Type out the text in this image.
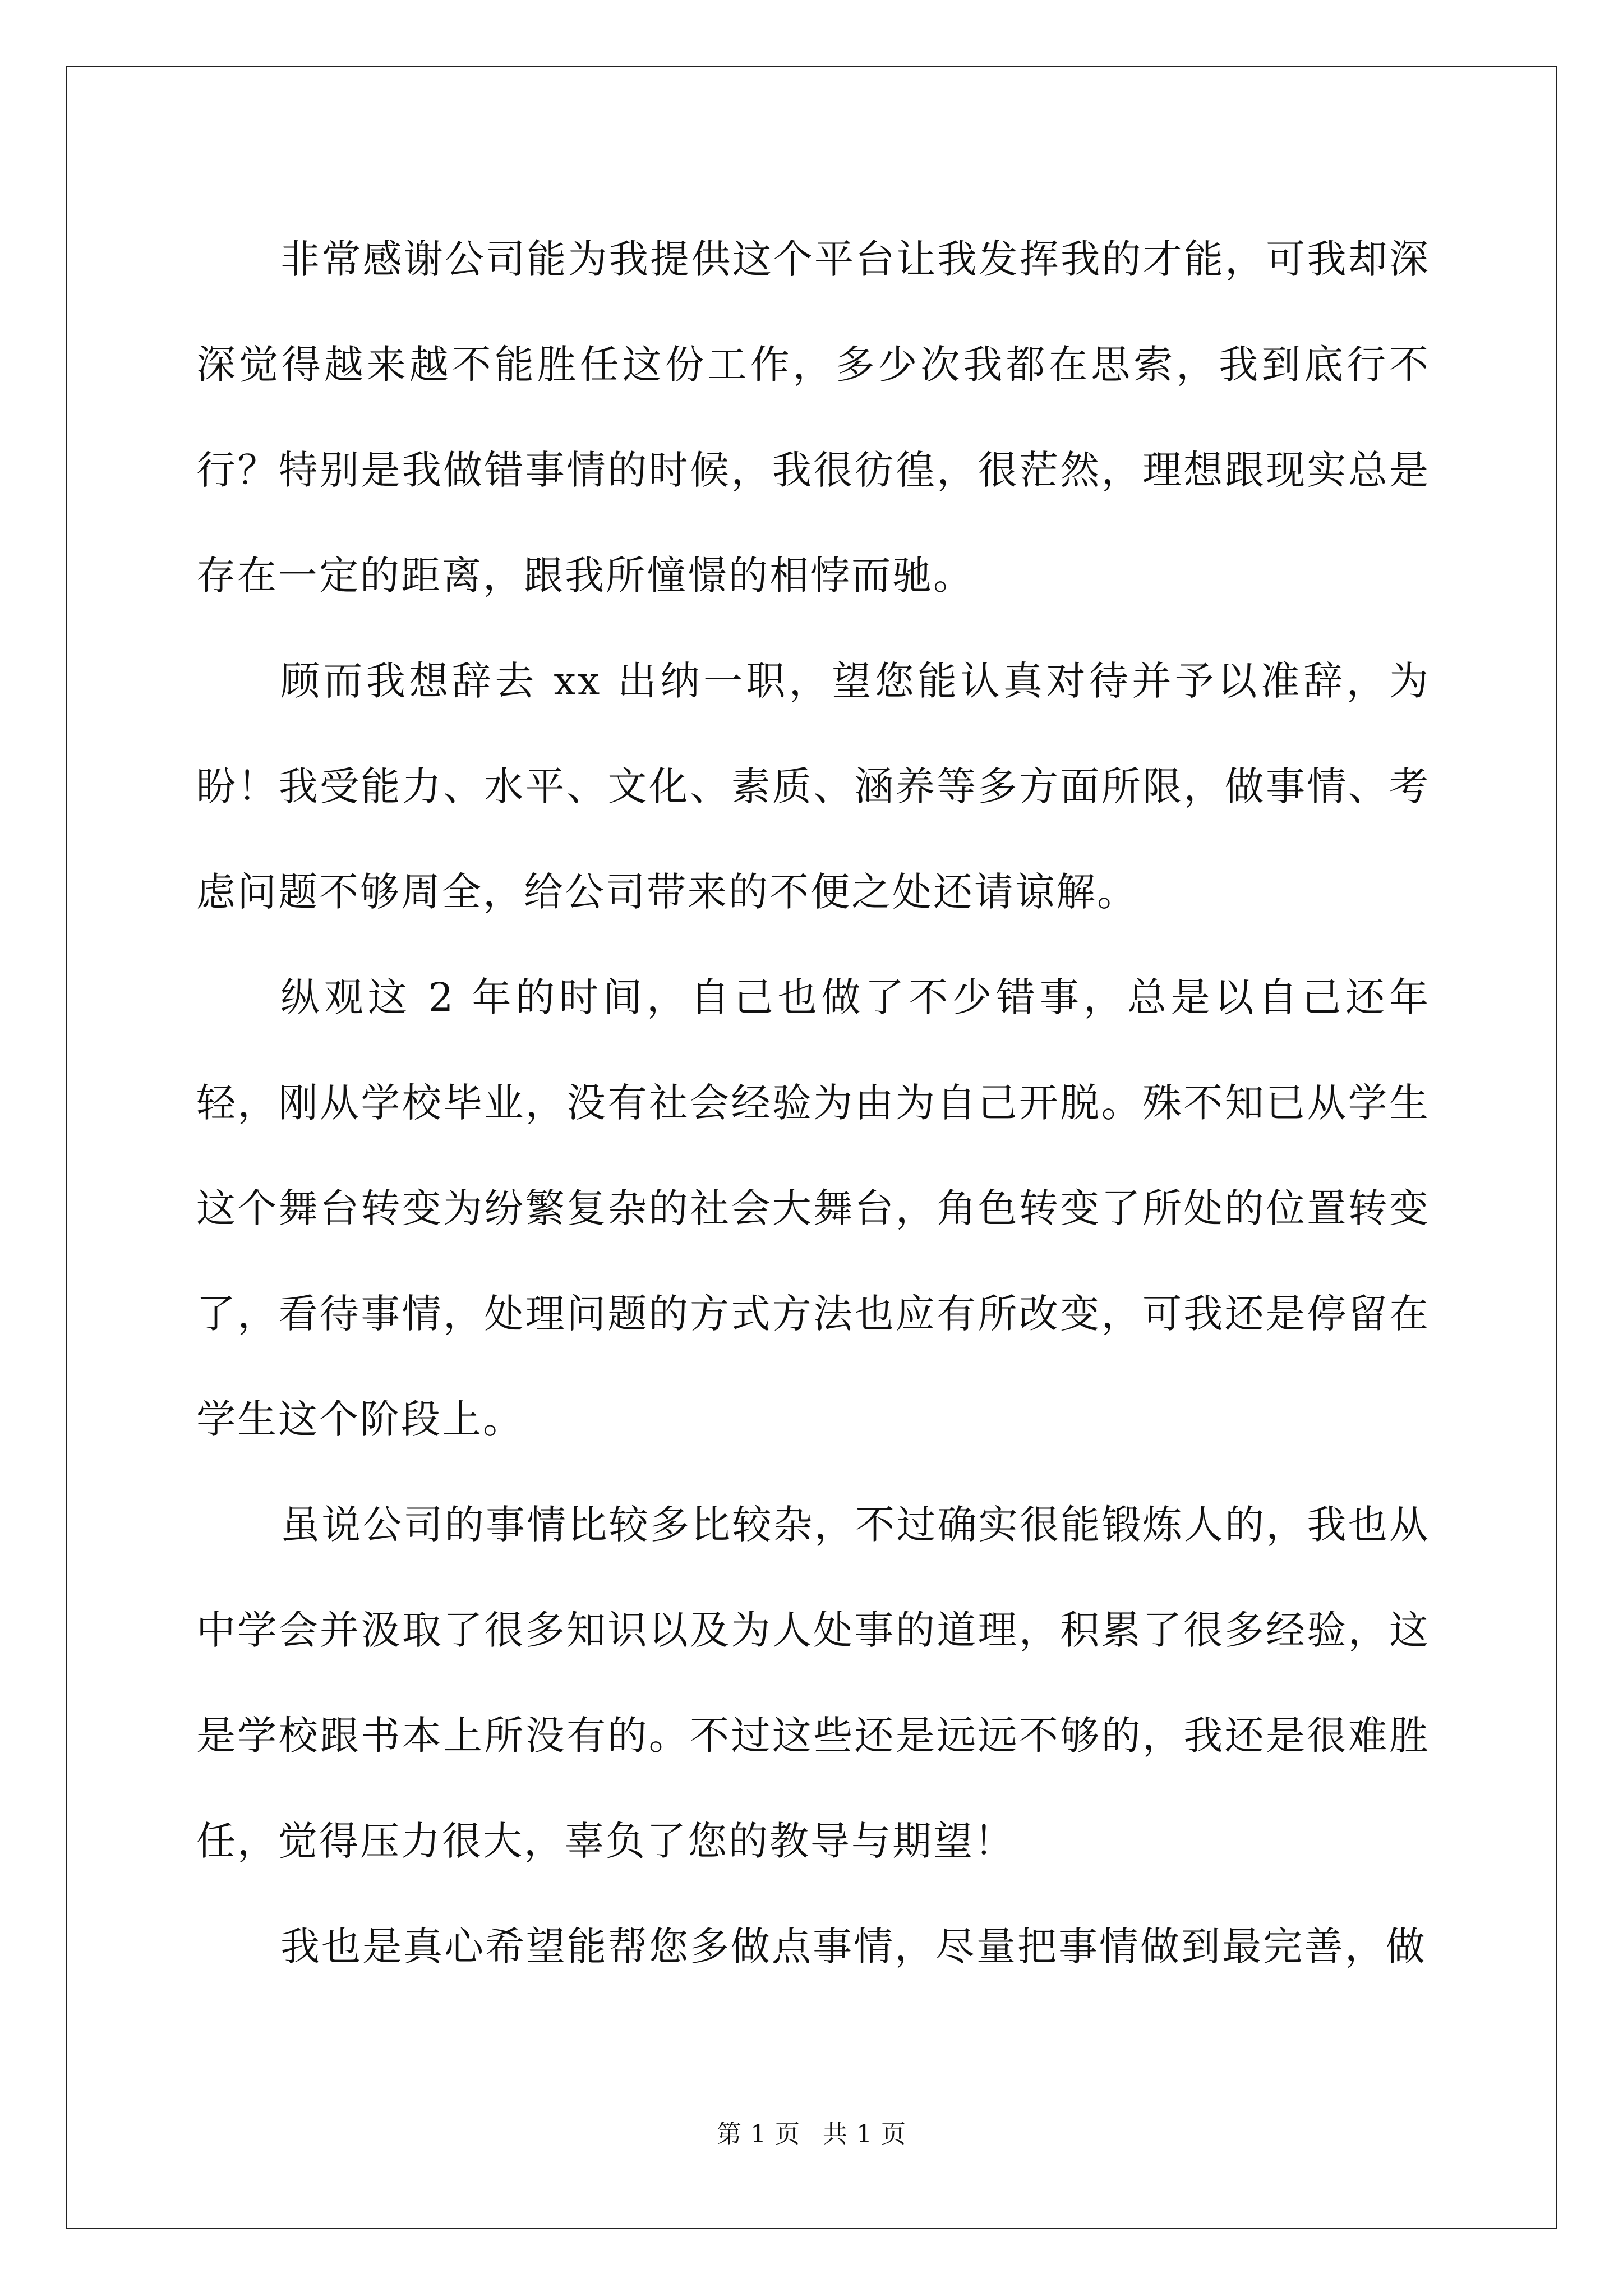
非常感谢公司能为我提供这个平台让我发挥我的才能，可我却深深觉得越来越不能胜任这份工作，多少次我都在思索，我到底行不行？特别是我做错事情的时候，我很彷徨，很茫然，理想跟现实总是存在一定的距离，跟我所憧憬的相悖而驰。

顾而我想辞去 xx 出纳一职，望您能认真对待并予以准辞，为盼！我受能力、水平、文化、素质、涵养等多方面所限，做事情、考虑问题不够周全，给公司带来的不便之处还请谅解。

纵观这 2 年的时间，自己也做了不少错事，总是以自己还年轻，刚从学校毕业，没有社会经验为由为自己开脱。殊不知已从学生这个舞台转变为纷繁复杂的社会大舞台，角色转变了所处的位置转变了，看待事情，处理问题的方式方法也应有所改变，可我还是停留在学生这个阶段上。

虽说公司的事情比较多比较杂，不过确实很能锻炼人的，我也从中学会并汲取了很多知识以及为人处事的道理，积累了很多经验，这是学校跟书本上所没有的。不过这些还是远远不够的，我还是很难胜任，觉得压力很大，辜负了您的教导与期望！

我也是真心希望能帮您多做点事情，尽量把事情做到最完善，做

第 1 页 共 1 页
